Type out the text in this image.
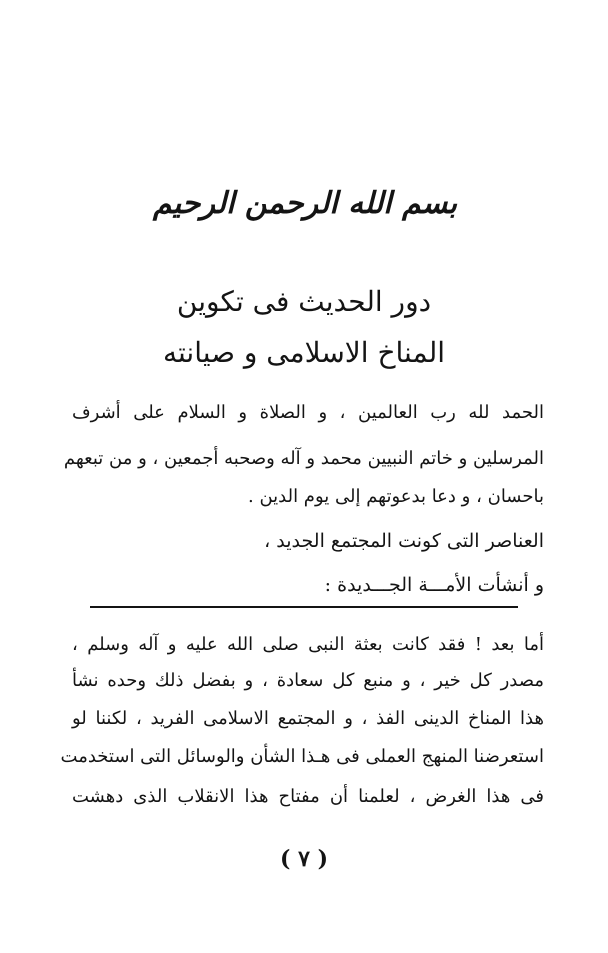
بسم الله الرحمن الرحيم
دور الحديث فى تكوين
المناخ الاسلامى و صيانته
الحمد لله رب العالمين ، و الصلاة و السلام على أشرف
المرسلين و خاتم النبيين محمد و آله وصحبه أجمعين ، و من تبعهم
باحسان ، و دعا بدعوتهم إلى يوم الدين .
العناصر التى كونت المجتمع الجديد ،
و أنشأت الأمـــة الجـــديدة :
أما بعد ! فقد كانت بعثة النبى صلى الله عليه و آله وسلم ،
مصدر كل خير ، و منبع كل سعادة ، و بفضل ذلك وحده نشأ
هذا المناخ الدينى الفذ ، و المجتمع الاسلامى الفريد ، لكننا لو
استعرضنا المنهج العملى فى هـذا الشأن والوسائل التى استخدمت
فى هذا الغرض ، لعلمنا أن مفتاح هذا الانقلاب الذى دهشت
( ٧ )
